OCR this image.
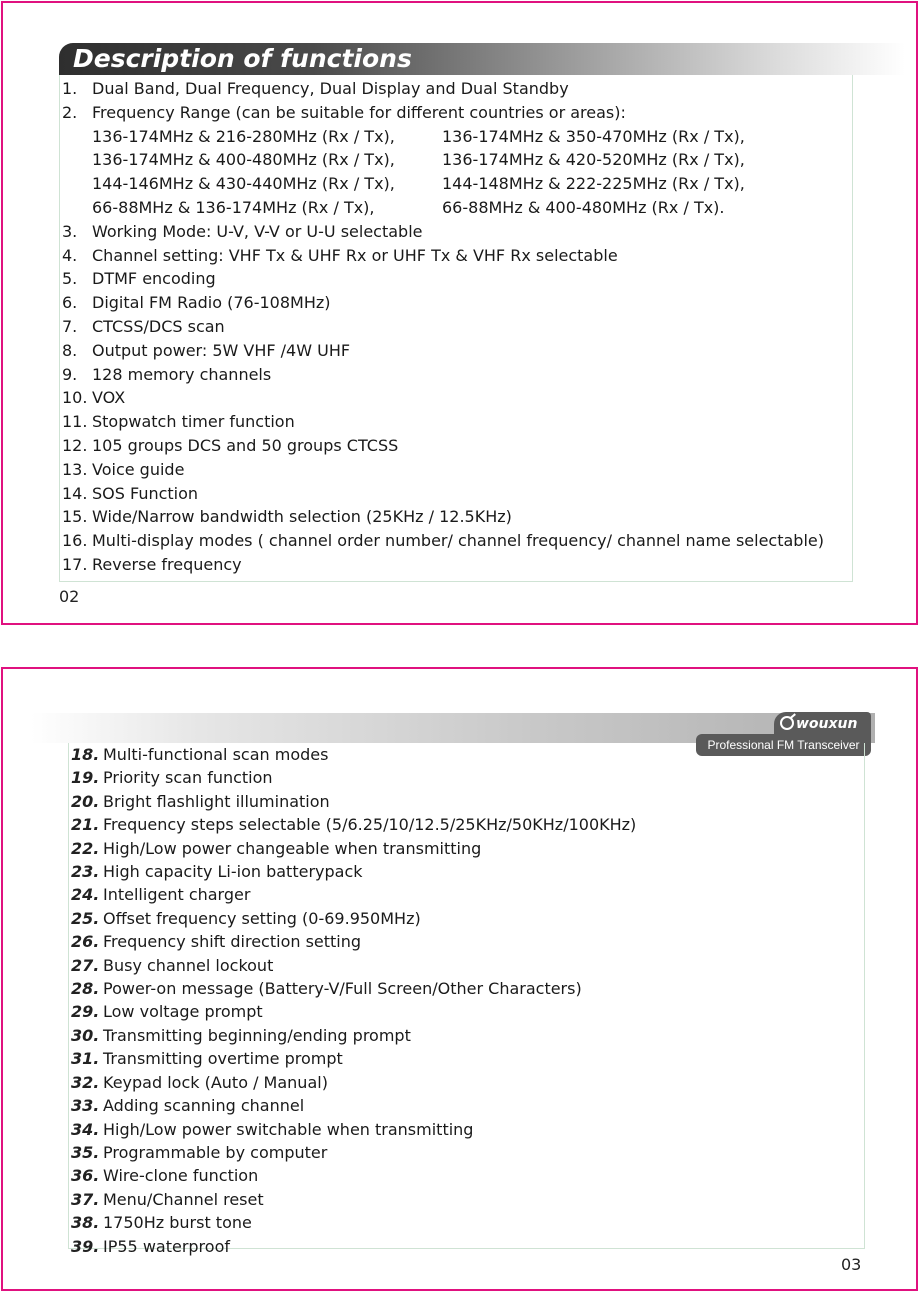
Description of functions
1. Dual Band, Dual Frequency, Dual Display and Dual Standby
2. Frequency Range (can be suitable for different countries or areas):
136-174MHz & 216-280MHz (Rx / Tx),	136-174MHz & 350-470MHz (Rx / Tx),
136-174MHz & 400-480MHz (Rx / Tx),	136-174MHz & 420-520MHz (Rx / Tx),
144-146MHz & 430-440MHz (Rx / Tx),	144-148MHz & 222-225MHz (Rx / Tx),
66-88MHz & 136-174MHz (Rx / Tx),	66-88MHz & 400-480MHz (Rx / Tx).
3. Working Mode: U-V, V-V or U-U selectable
4. Channel setting: VHF Tx & UHF Rx or UHF Tx & VHF Rx selectable
5. DTMF encoding
6. Digital FM Radio (76-108MHz)
7. CTCSS/DCS scan
8. Output power: 5W VHF /4W UHF
9. 128 memory channels
10. VOX
11. Stopwatch timer function
12. 105 groups DCS and 50 groups CTCSS
13. Voice guide
14. SOS Function
15. Wide/Narrow bandwidth selection (25KHz / 12.5KHz)
16. Multi-display modes ( channel order number/ channel frequency/ channel name selectable)
17. Reverse frequency
02
wouxun
Professional FM Transceiver
18. Multi-functional scan modes
19. Priority scan function
20. Bright flashlight illumination
21. Frequency steps selectable (5/6.25/10/12.5/25KHz/50KHz/100KHz)
22. High/Low power changeable when transmitting
23. High capacity Li-ion batterypack
24. Intelligent charger
25. Offset frequency setting (0-69.950MHz)
26. Frequency shift direction setting
27. Busy channel lockout
28. Power-on message (Battery-V/Full Screen/Other Characters)
29. Low voltage prompt
30. Transmitting beginning/ending prompt
31. Transmitting overtime prompt
32. Keypad lock (Auto / Manual)
33. Adding scanning channel
34. High/Low power switchable when transmitting
35. Programmable by computer
36. Wire-clone function
37. Menu/Channel reset
38. 1750Hz burst tone
39. IP55 waterproof
03
